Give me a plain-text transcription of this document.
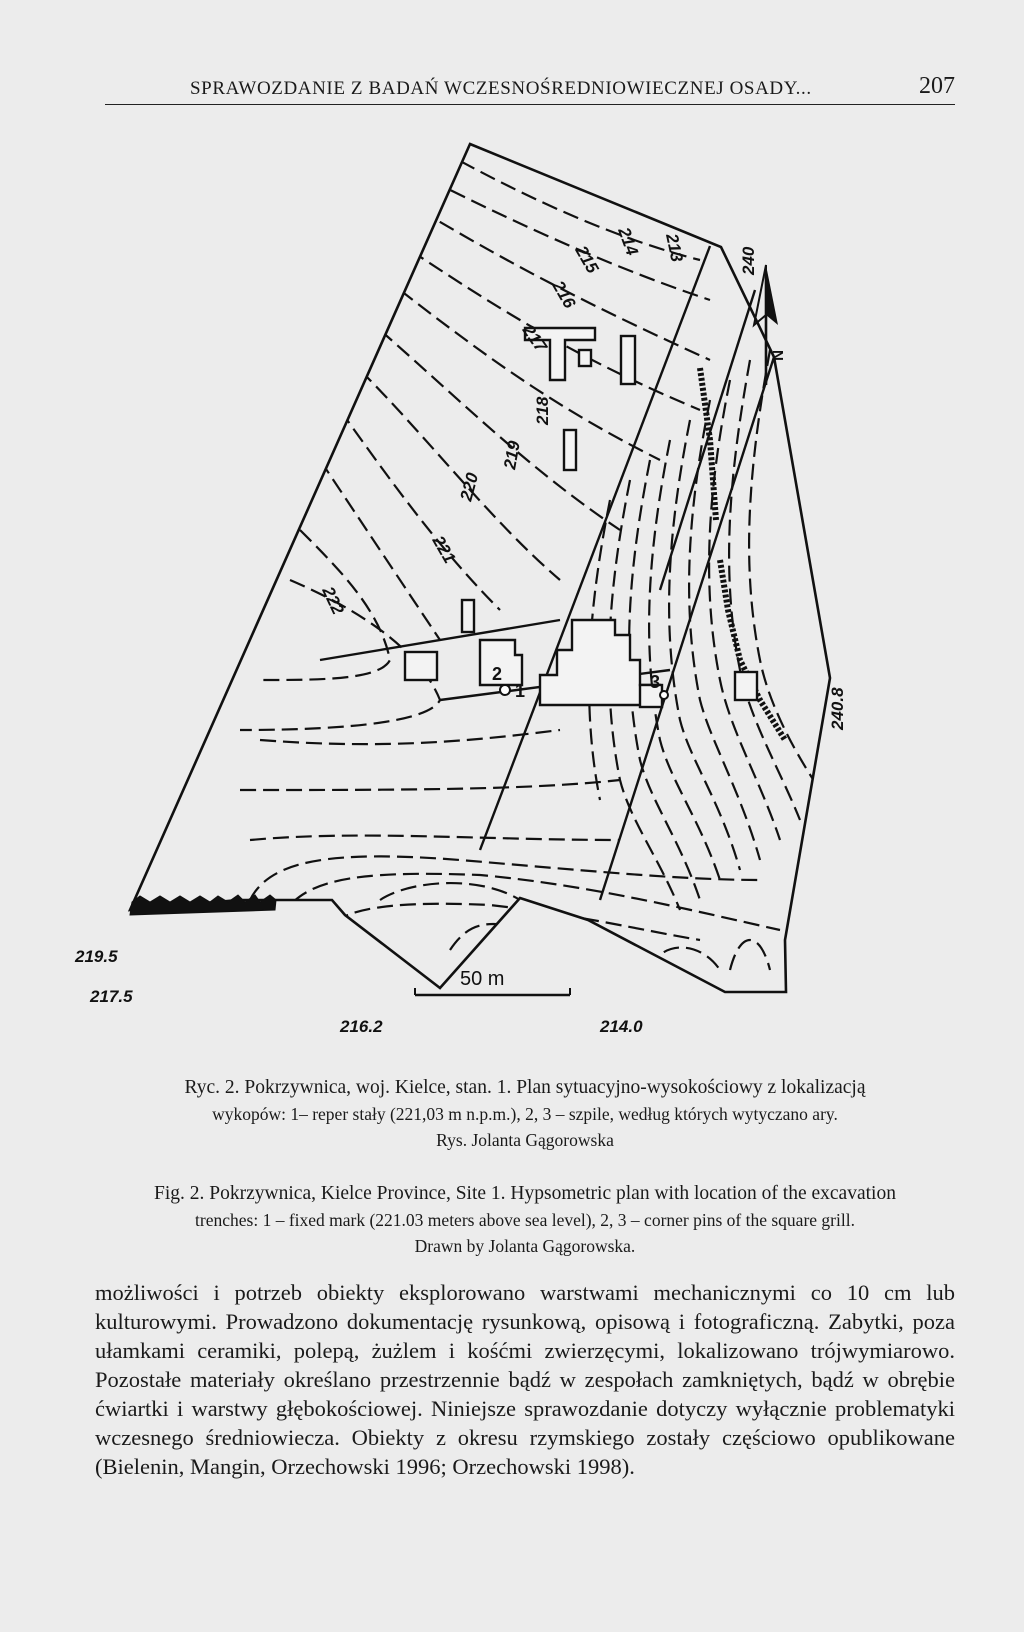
SPRAWOZDANIE Z BADAŃ WCZESNOŚREDNIOWIECZNEJ OSADY...	207
213
214
215
216
217
218
219
220
221
222
240
240.8
219.5
217.5
216.2	214.0
1
2	3
N
50 m
Ryc. 2. Pokrzywnica, woj. Kielce, stan. 1. Plan sytuacyjno-wysokościowy z lokalizacją
wykopów: 1– reper stały (221,03 m n.p.m.), 2, 3 – szpile, według których wytyczano ary.
Rys. Jolanta Gągorowska
Fig. 2. Pokrzywnica, Kielce Province, Site 1. Hypsometric plan with location of the excavation
trenches: 1 – fixed mark (221.03 meters above sea level), 2, 3 – corner pins of the square grill.
Drawn by Jolanta Gągorowska.
możliwości i potrzeb obiekty eksplorowano warstwami mechanicznymi co 10 cm lub kulturowymi. Prowadzono dokumentację rysunkową, opisową i fotograficzną. Zabytki, poza ułamkami ceramiki, polepą, żużlem i kośćmi zwierzęcymi, lokalizowano trójwymiarowo. Pozostałe materiały określano przestrzennie bądź w zespołach zamkniętych, bądź w obrębie ćwiartki i warstwy głębokościowej. Niniejsze sprawozdanie dotyczy wyłącznie problematyki wczesnego średniowiecza. Obiekty z okresu rzymskiego zostały częściowo opublikowane (Bielenin, Mangin, Orzechowski 1996; Orzechowski 1998).
